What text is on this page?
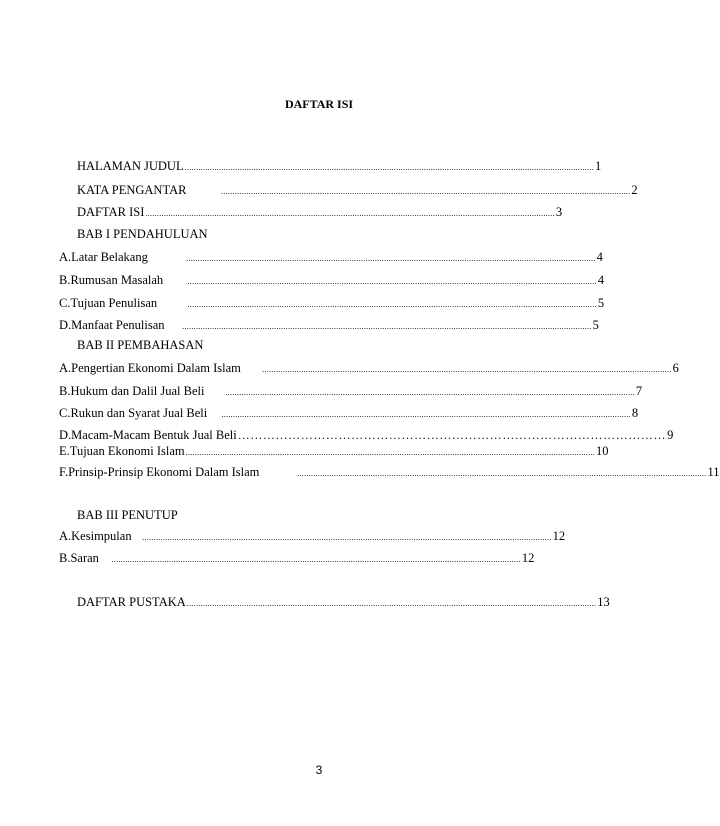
DAFTAR ISI
HALAMAN JUDUL .................................................................................................................................................................................. 1
KATA PENGANTAR	.................................................................................................................................................................................. 2
DAFTAR ISI .................................................................................................................................................................................. 3
BAB I PENDAHULUAN
A. Latar Belakang	.................................................................................................................................................................................. 4
B. Rumusan Masalah	.................................................................................................................................................................................. 4
C. Tujuan Penulisan	.................................................................................................................................................................................. 5
D. Manfaat Penulisan	.................................................................................................................................................................................. 5
BAB II PEMBAHASAN
A. Pengertian Ekonomi Dalam Islam	.................................................................................................................................................................................. 6
B. Hukum dan Dalil Jual Beli	.................................................................................................................................................................................. 7
C. Rukun dan Syarat Jual Beli	.................................................................................................................................................................................. 8
D. Macam-Macam Bentuk Jual Beli ………………………………………………………………………………………… 9
E. Tujuan Ekonomi Islam .................................................................................................................................................................................. 10
F. Prinsip-Prinsip Ekonomi Dalam Islam	.................................................................................................................................................................................. 11
BAB III PENUTUP
A. Kesimpulan	.................................................................................................................................................................................. 12
B. Saran	.................................................................................................................................................................................. 12
DAFTAR PUSTAKA .................................................................................................................................................................................. 13
3
